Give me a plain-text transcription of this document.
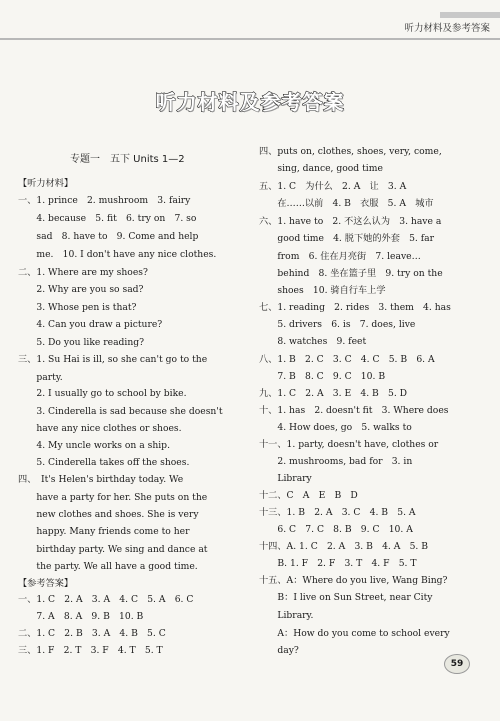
听力材料及参考答案
听力材料及参考答案
专题一　五下 Units 1—2
【听力材料】
一、1. prince　2. mushroom　3. fairy
　　4. because　5. fit　6. try on　7. so
　　sad　8. have to　9. Come and help
　　me.　10. I don't have any nice clothes.
二、1. Where are my shoes?
　　2. Why are you so sad?
　　3. Whose pen is that?
　　4. Can you draw a picture?
　　5. Do you like reading?
三、1. Su Hai is ill, so she can't go to the
　　party.
　　2. I usually go to school by bike.
　　3. Cinderella is sad because she doesn't
　　have any nice clothes or shoes.
　　4. My uncle works on a ship.
　　5. Cinderella takes off the shoes.
四、　It's Helen's birthday today. We
　　have a party for her. She puts on the
　　new clothes and shoes. She is very
　　happy. Many friends come to her
　　birthday party. We sing and dance at
　　the party. We all have a good time.
【参考答案】
一、1. C　2. A　3. A　4. C　5. A　6. C
　　7. A　8. A　9. B　10. B
二、1. C　2. B　3. A　4. B　5. C
三、1. F　2. T　3. F　4. T　5. T
四、puts on, clothes, shoes, very, come,
　　sing, dance, good time
五、1. C　为什么　2. A　让　3. A
　　在……以前　4. B　衣服　5. A　城市
六、1. have to　2. 不这么认为　3. have a
　　good time　4. 脱下她的外套　5. far
　　from　6. 住在月亮街　7. leave…
　　behind　8. 坐在篮子里　9. try on the
　　shoes　10. 骑自行车上学
七、1. reading　2. rides　3. them　4. has
　　5. drivers　6. is　7. does, live
　　8. watches　9. feet
八、1. B　2. C　3. C　4. C　5. B　6. A
　　7. B　8. C　9. C　10. B
九、1. C　2. A　3. E　4. B　5. D
十、1. has　2. doesn't fit　3. Where does
　　4. How does, go　5. walks to
十一、1. party, doesn't have, clothes or
　　2. mushrooms, bad for　3. in
　　Library
十二、C　A　E　B　D
十三、1. B　2. A　3. C　4. B　5. A
　　6. C　7. C　8. B　9. C　10. A
十四、A. 1. C　2. A　3. B　4. A　5. B
　　B. 1. F　2. F　3. T　4. F　5. T
十五、A：Where do you live, Wang Bing?
　　B：I live on Sun Street, near City
　　Library.
　　A：How do you come to school every
　　day?
59
